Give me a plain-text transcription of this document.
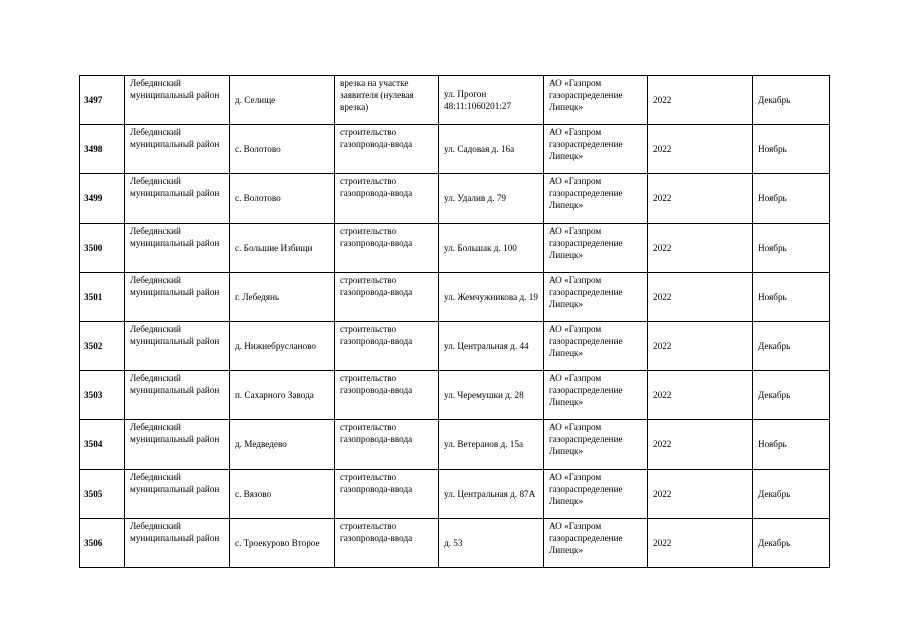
3497	Лебедянский муниципальный район	д. Селище	врезка на участке заявителя (нулевая врезка)	ул. Прогон 48:11:1060201:27	АО «Газпром газораспределение Липецк»	2022	Декабрь
3498	Лебедянский муниципальный район	с. Волотово	строительство газопровода-ввода	ул. Садовая д. 16а	АО «Газпром газораспределение Липецк»	2022	Ноябрь
3499	Лебедянский муниципальный район	с. Волотово	строительство газопровода-ввода	ул. Удалив д. 79	АО «Газпром газораспределение Липецк»	2022	Ноябрь
3500	Лебедянский муниципальный район	с. Большие Избищи	строительство газопровода-ввода	ул. Большак д. 100	АО «Газпром газораспределение Липецк»	2022	Ноябрь
3501	Лебедянский муниципальный район	г. Лебедянь	строительство газопровода-ввода	ул. Жемчужникова д. 19	АО «Газпром газораспределение Липецк»	2022	Ноябрь
3502	Лебедянский муниципальный район	д. Нижнебрусланово	строительство газопровода-ввода	ул. Центральная д. 44	АО «Газпром газораспределение Липецк»	2022	Декабрь
3503	Лебедянский муниципальный район	п. Сахарного Завода	строительство газопровода-ввода	ул. Черемушки д. 28	АО «Газпром газораспределение Липецк»	2022	Декабрь
3504	Лебедянский муниципальный район	д. Медведево	строительство газопровода-ввода	ул. Ветеранов д. 15а	АО «Газпром газораспределение Липецк»	2022	Ноябрь
3505	Лебедянский муниципальный район	с. Вязово	строительство газопровода-ввода	ул. Центральная д. 87А	АО «Газпром газораспределение Липецк»	2022	Декабрь
3506	Лебедянский муниципальный район	с. Троекурово Второе	строительство газопровода-ввода	д. 53	АО «Газпром газораспределение Липецк»	2022	Декабрь
